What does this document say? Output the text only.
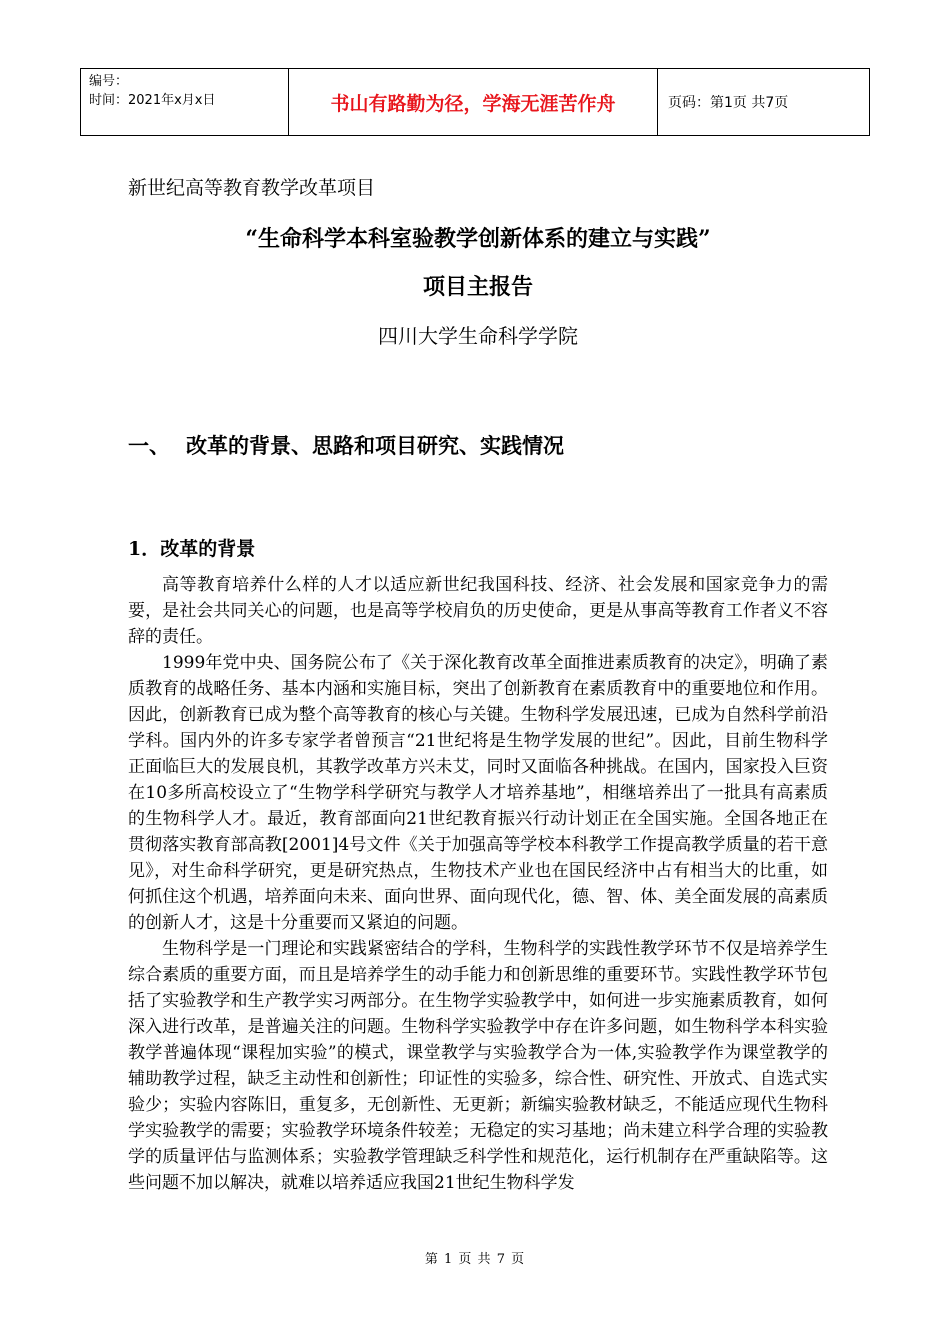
编号：
时间：2021年x月x日	书山有路勤为径，学海无涯苦作舟	页码：第1页 共7页
新世纪高等教育教学改革项目
“生命科学本科室验教学创新体系的建立与实践”
项目主报告
四川大学生命科学学院
一、 改革的背景、思路和项目研究、实践情况
1．改革的背景

高等教育培养什么样的人才以适应新世纪我国科技、经济、社会发展和国家竞争力的需要，是社会共同关心的问题，也是高等学校肩负的历史使命，更是从事高等教育工作者义不容辞的责任。

1999年党中央、国务院公布了《关于深化教育改革全面推进素质教育的决定》，明确了素质教育的战略任务、基本内涵和实施目标，突出了创新教育在素质教育中的重要地位和作用。因此，创新教育已成为整个高等教育的核心与关键。生物科学发展迅速，已成为自然科学前沿学科。国内外的许多专家学者曾预言“21世纪将是生物学发展的世纪”。因此，目前生物科学正面临巨大的发展良机，其教学改革方兴未艾，同时又面临各种挑战。在国内，国家投入巨资在10多所高校设立了“生物学科学研究与教学人才培养基地”，相继培养出了一批具有高素质的生物科学人才。最近，教育部面向21世纪教育振兴行动计划正在全国实施。全国各地正在贯彻落实教育部高教[2001]4号文件《关于加强高等学校本科教学工作提高教学质量的若干意见》，对生命科学研究，更是研究热点，生物技术产业也在国民经济中占有相当大的比重，如何抓住这个机遇，培养面向未来、面向世界、面向现代化，德、智、体、美全面发展的高素质的创新人才，这是十分重要而又紧迫的问题。

生物科学是一门理论和实践紧密结合的学科，生物科学的实践性教学环节不仅是培养学生综合素质的重要方面，而且是培养学生的动手能力和创新思维的重要环节。实践性教学环节包括了实验教学和生产教学实习两部分。在生物学实验教学中，如何进一步实施素质教育，如何深入进行改革，是普遍关注的问题。生物科学实验教学中存在许多问题，如生物科学本科实验教学普遍体现“课程加实验”的模式，课堂教学与实验教学合为一体,实验教学作为课堂教学的辅助教学过程，缺乏主动性和创新性；印证性的实验多，综合性、研究性、开放式、自选式实验少；实验内容陈旧，重复多，无创新性、无更新；新编实验教材缺乏，不能适应现代生物科学实验教学的需要；实验教学环境条件较差；无稳定的实习基地；尚未建立科学合理的实验教学的质量评估与监测体系；实验教学管理缺乏科学性和规范化，运行机制存在严重缺陷等。这些问题不加以解决，就难以培养适应我国21世纪生物科学发

第 1 页 共 7 页
